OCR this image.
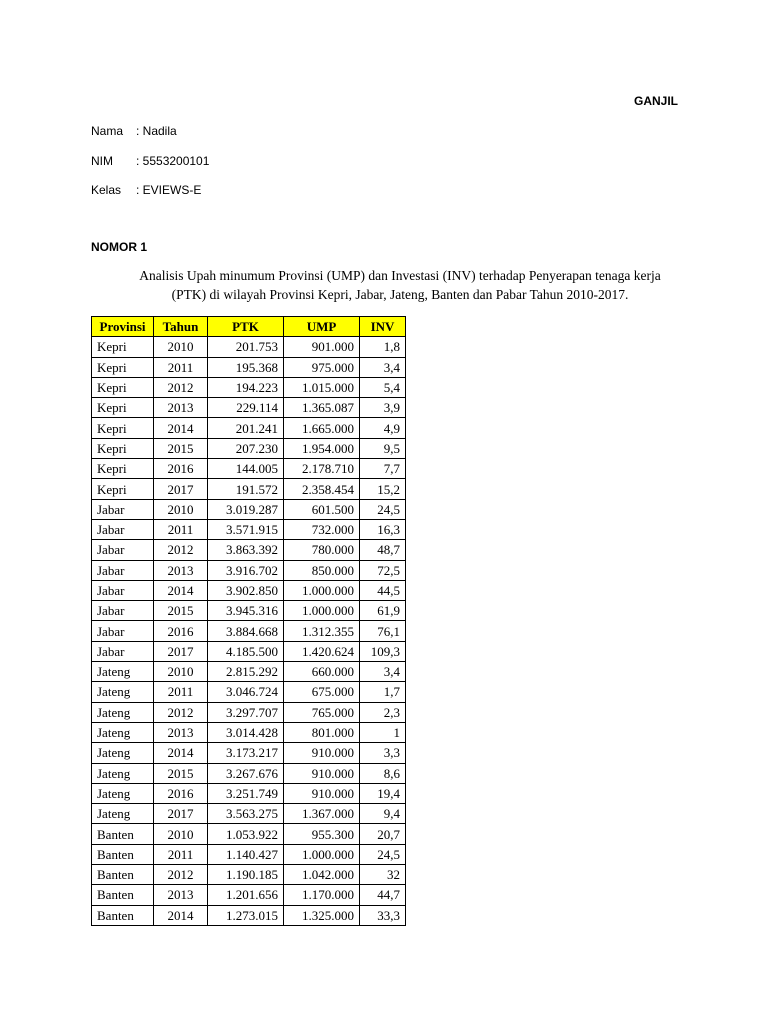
GANJIL
Nama : Nadila
NIM : 5553200101
Kelas : EVIEWS-E
NOMOR 1
Analisis Upah minumum Provinsi (UMP) dan Investasi (INV) terhadap Penyerapan tenaga kerja
(PTK) di wilayah Provinsi Kepri, Jabar, Jateng, Banten dan Pabar Tahun 2010-2017.
Provinsi	Tahun	PTK	UMP	INV
Kepri	2010	201.753	901.000	1,8
Kepri	2011	195.368	975.000	3,4
Kepri	2012	194.223	1.015.000	5,4
Kepri	2013	229.114	1.365.087	3,9
Kepri	2014	201.241	1.665.000	4,9
Kepri	2015	207.230	1.954.000	9,5
Kepri	2016	144.005	2.178.710	7,7
Kepri	2017	191.572	2.358.454	15,2
Jabar	2010	3.019.287	601.500	24,5
Jabar	2011	3.571.915	732.000	16,3
Jabar	2012	3.863.392	780.000	48,7
Jabar	2013	3.916.702	850.000	72,5
Jabar	2014	3.902.850	1.000.000	44,5
Jabar	2015	3.945.316	1.000.000	61,9
Jabar	2016	3.884.668	1.312.355	76,1
Jabar	2017	4.185.500	1.420.624	109,3
Jateng	2010	2.815.292	660.000	3,4
Jateng	2011	3.046.724	675.000	1,7
Jateng	2012	3.297.707	765.000	2,3
Jateng	2013	3.014.428	801.000	1
Jateng	2014	3.173.217	910.000	3,3
Jateng	2015	3.267.676	910.000	8,6
Jateng	2016	3.251.749	910.000	19,4
Jateng	2017	3.563.275	1.367.000	9,4
Banten	2010	1.053.922	955.300	20,7
Banten	2011	1.140.427	1.000.000	24,5
Banten	2012	1.190.185	1.042.000	32
Banten	2013	1.201.656	1.170.000	44,7
Banten	2014	1.273.015	1.325.000	33,3
